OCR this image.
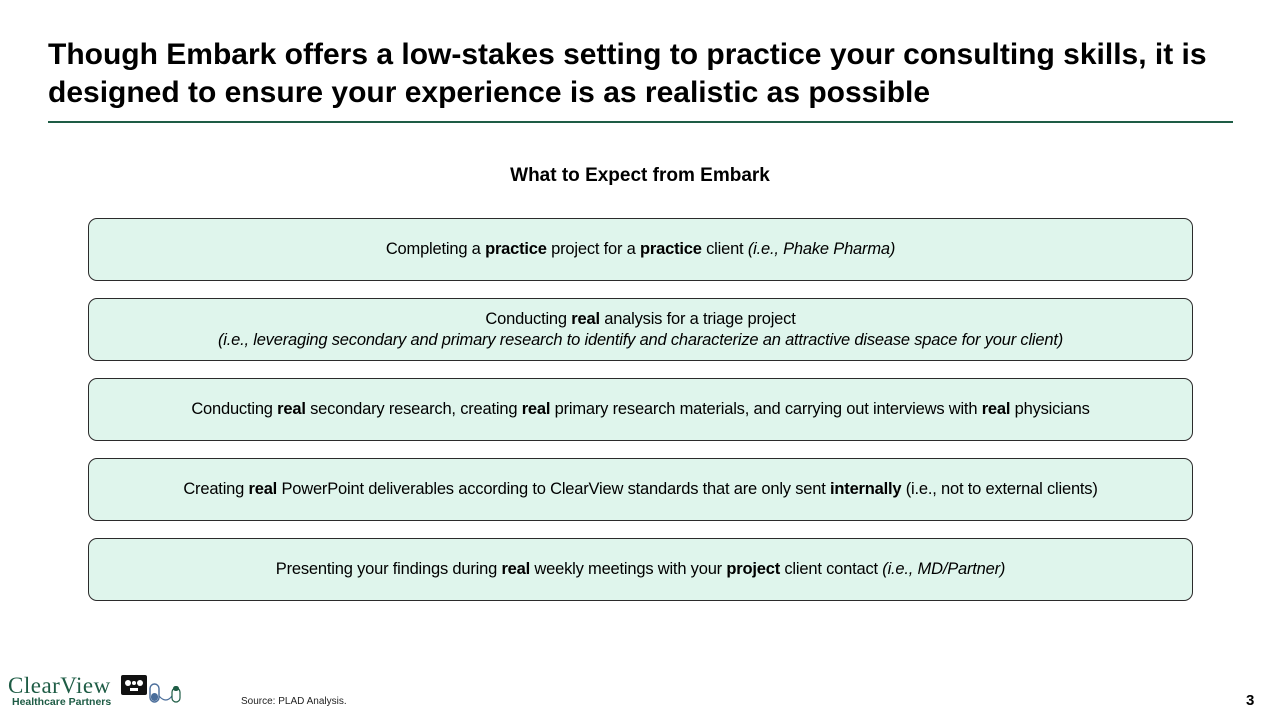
Though Embark offers a low-stakes setting to practice your consulting skills, it is designed to ensure your experience is as realistic as possible
What to Expect from Embark
Completing a practice project for a practice client (i.e., Phake Pharma)
Conducting real analysis for a triage project
(i.e., leveraging secondary and primary research to identify and characterize an attractive disease space for your client)
Conducting real secondary research, creating real primary research materials, and carrying out interviews with real physicians
Creating real PowerPoint deliverables according to ClearView standards that are only sent internally (i.e., not to external clients)
Presenting your findings during real weekly meetings with your project client contact (i.e., MD/Partner)
ClearView
Healthcare Partners	Source: PLAD Analysis.	3
